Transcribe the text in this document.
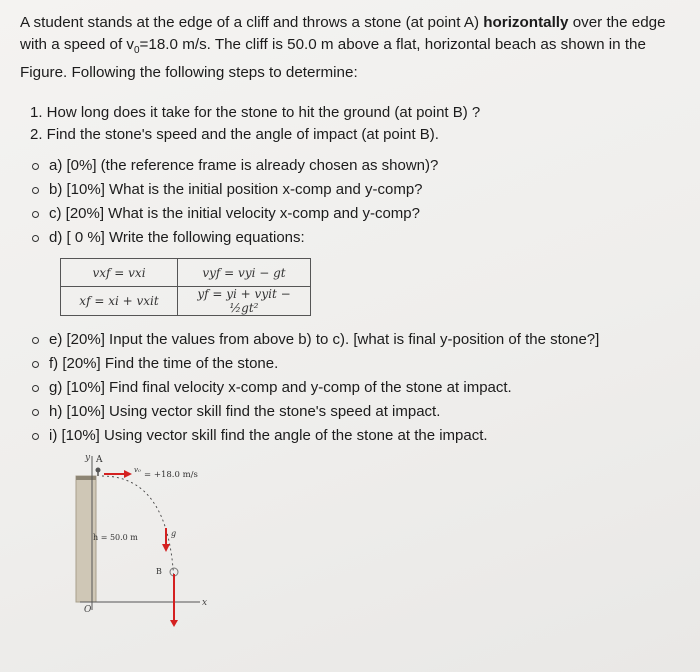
A student stands at the edge of a cliff and throws a stone (at point A) horizontally over the edge with a speed of $v_0=18.0$ m/s. The cliff is 50.0 m above a flat, horizontal beach as shown in the Figure. Following the following steps to determine:
1. How long does it take for the stone to hit the ground (at point B) ?
2. Find the stone's speed and the angle of impact (at point B).
a) [0%] (the reference frame is already chosen as shown)?
b) [10%] What is the initial position x-comp and y-comp?
c) [20%] What is the initial velocity x-comp and y-comp?
d) [ 0 %] Write the following equations:
vxf = vxi	vyf = vyi − gt
xf = xi + vxit	yf = yi + vyit − ½gt²
e) [20%] Input the values from above b) to c). [what is final y-position of the stone?]
f) [20%] Find the time of the stone.
g) [10%] Find final velocity x-comp and y-comp of the stone at impact.
h) [10%] Using vector skill find the stone's speed at impact.
i) [10%] Using vector skill find the angle of the stone at the impact.
y A
x
O
v₀ = +18.0 m/s
h = 50.0 m	g
B
